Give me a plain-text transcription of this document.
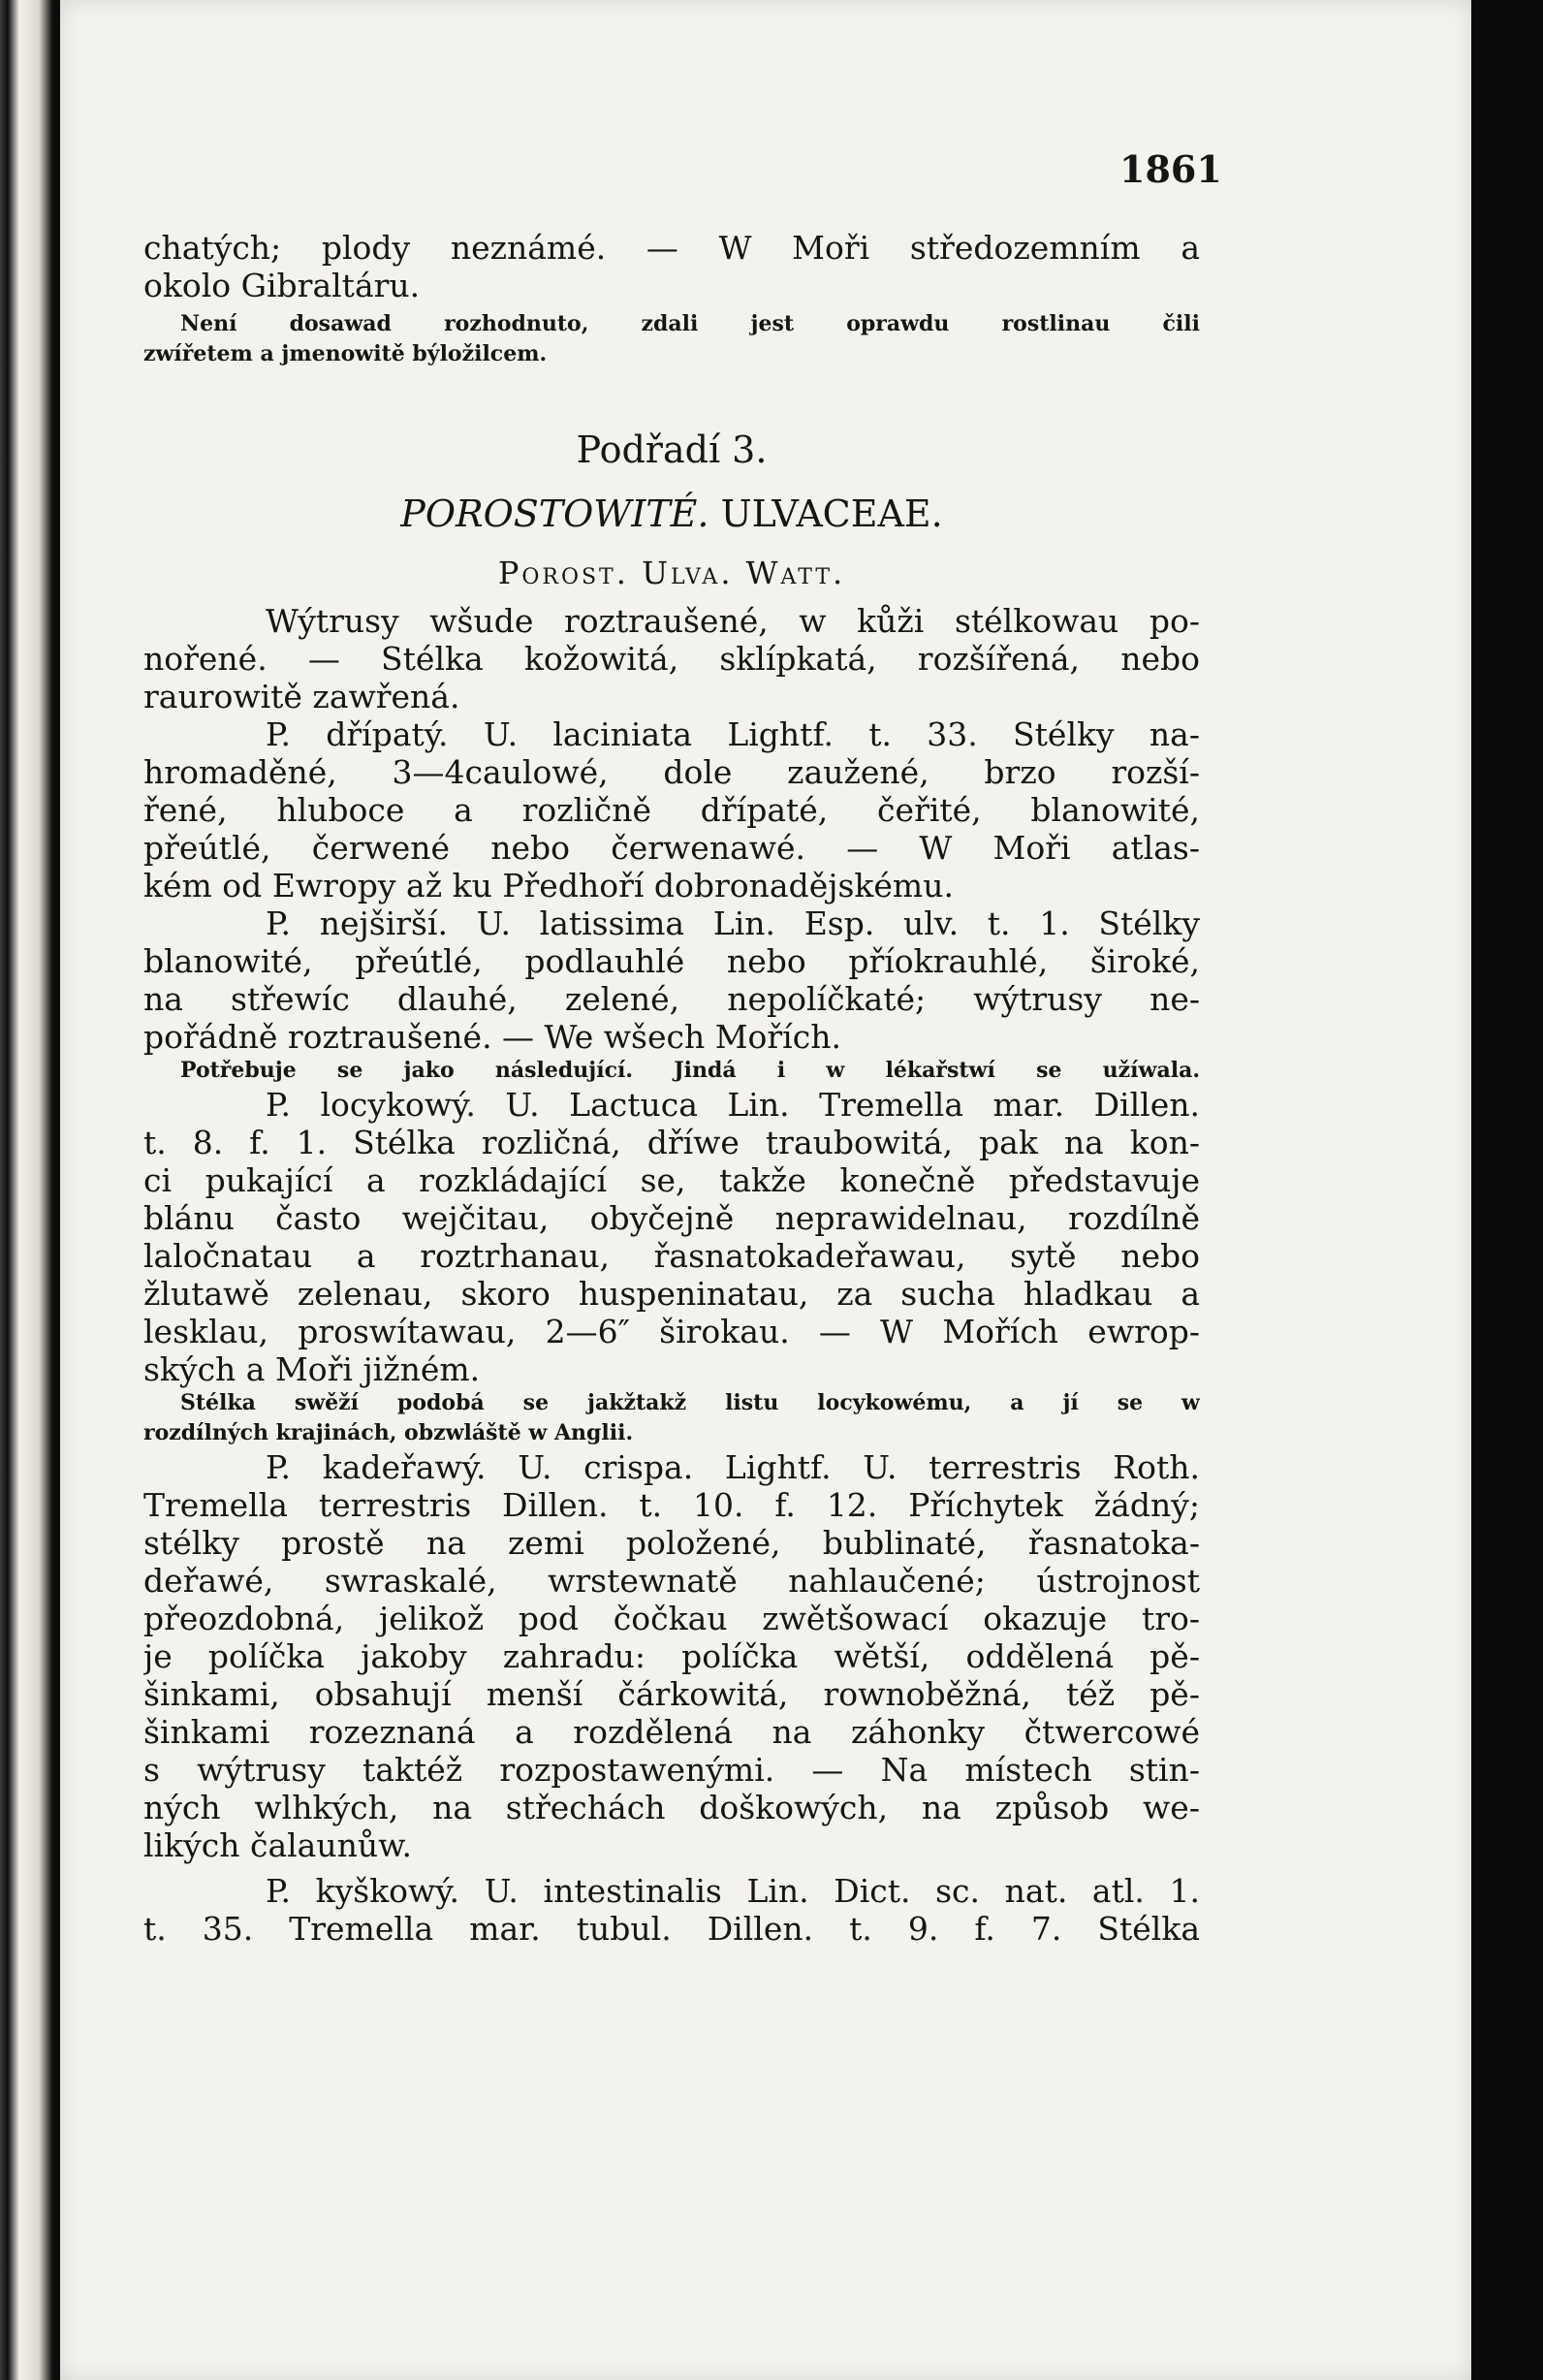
1861

chatých; plody neznámé. — W Moři středozemním a
okolo Gibraltáru.
Není dosawad rozhodnuto, zdali jest oprawdu rostlinau čili
zwířetem a jmenowitě býložilcem.
Podřadí 3.
POROSTOWITÉ. ULVACEAE.
Porost. Ulva. Watt.
Wýtrusy wšude roztraušené, w kůži stélkowau po-
nořené. — Stélka kožowitá, sklípkatá, rozšířená, nebo
raurowitě zawřená.
P. dřípatý. U. laciniata Lightf. t. 33. Stélky na-
hromaděné, 3—4caulowé, dole zaužené, brzo rozší-
řené, hluboce a rozličně dřípaté, čeřité, blanowité,
přeútlé, čerwené nebo čerwenawé. — W Moři atlas-
kém od Ewropy až ku Předhoří dobronadějskému.
P. nejširší. U. latissima Lin. Esp. ulv. t. 1. Stélky
blanowité, přeútlé, podlauhlé nebo příokrauhlé, široké,
na střewíc dlauhé, zelené, nepolíčkaté; wýtrusy ne-
pořádně roztraušené. — We wšech Mořích.
Potřebuje se jako následující. Jindá i w lékařstwí se užíwala.
P. locykowý. U. Lactuca Lin. Tremella mar. Dillen.
t. 8. f. 1. Stélka rozličná, dříwe traubowitá, pak na kon-
ci pukající a rozkládající se, takže konečně představuje
blánu často wejčitau, obyčejně neprawidelnau, rozdílně
laločnatau a roztrhanau, řasnatokadeřawau, sytě nebo
žlutawě zelenau, skoro huspeninatau, za sucha hladkau a
lesklau, proswítawau, 2—6″ širokau. — W Mořích ewrop-
ských a Moři jižném.
Stélka swěží podobá se jakžtakž listu locykowému, a jí se w
rozdílných krajinách, obzwláště w Anglii.
P. kadeřawý. U. crispa. Lightf. U. terrestris Roth.
Tremella terrestris Dillen. t. 10. f. 12. Příchytek žádný;
stélky prostě na zemi položené, bublinaté, řasnatoka-
deřawé, swraskalé, wrstewnatě nahlaučené; ústrojnost
přeozdobná, jelikož pod čočkau zwětšowací okazuje tro-
je políčka jakoby zahradu: políčka wětší, oddělená pě-
šinkami, obsahují menší čárkowitá, rownoběžná, též pě-
šinkami rozeznaná a rozdělená na záhonky čtwercowé
s wýtrusy taktéž rozpostawenými. — Na místech stin-
ných wlhkých, na střechách doškowých, na způsob we-
likých čalaunůw.
P. kyškowý. U. intestinalis Lin. Dict. sc. nat. atl. 1.
t. 35. Tremella mar. tubul. Dillen. t. 9. f. 7. Stélka
